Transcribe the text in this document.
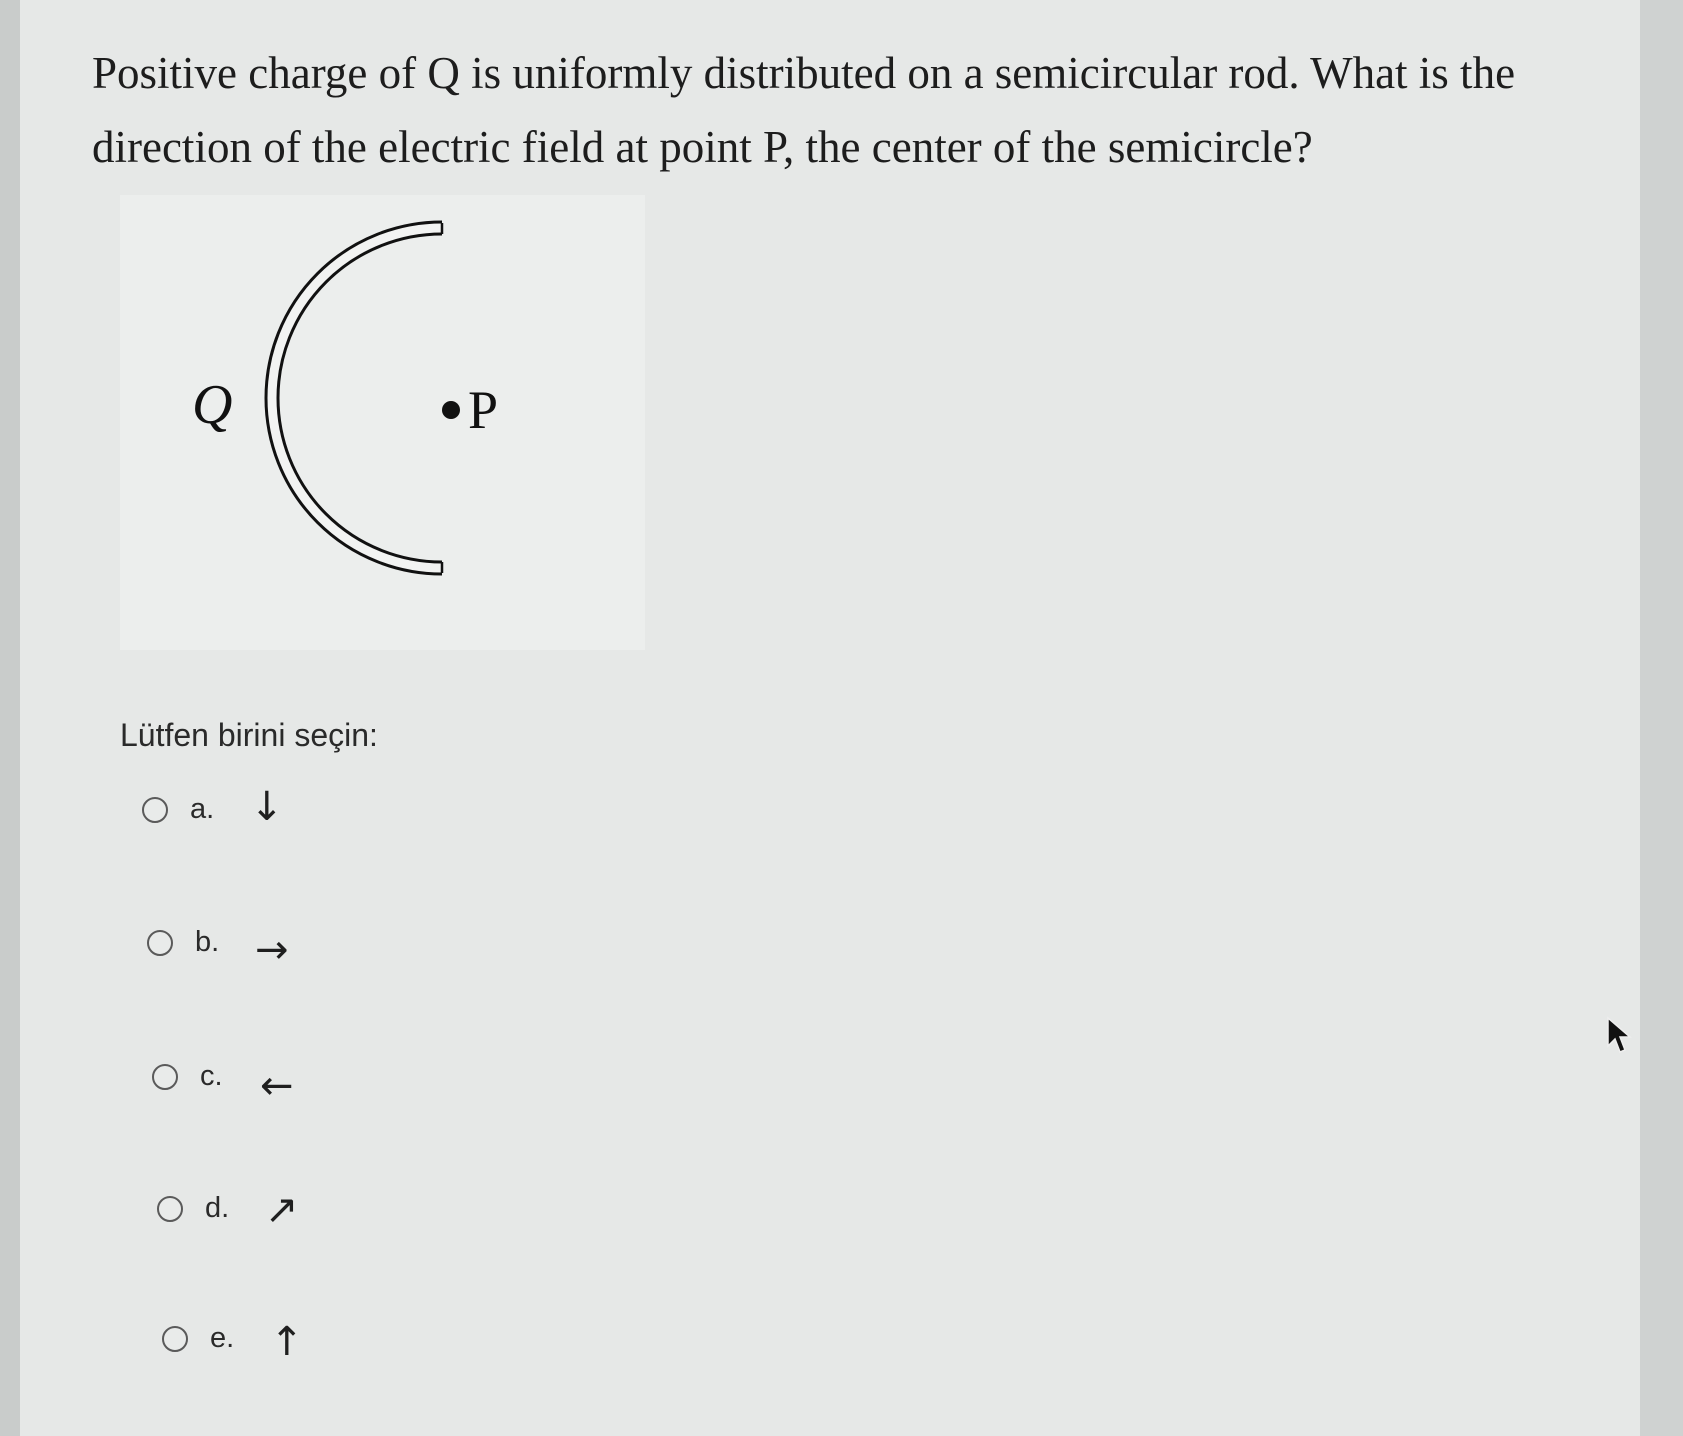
Positive charge of Q is uniformly distributed on a semicircular rod. What is the direction of the electric field at point P, the center of the semicircle?

Q	P
Lütfen birini seçin:
a. ↓
b. →
c. ←
d. ↗
e. ↑
